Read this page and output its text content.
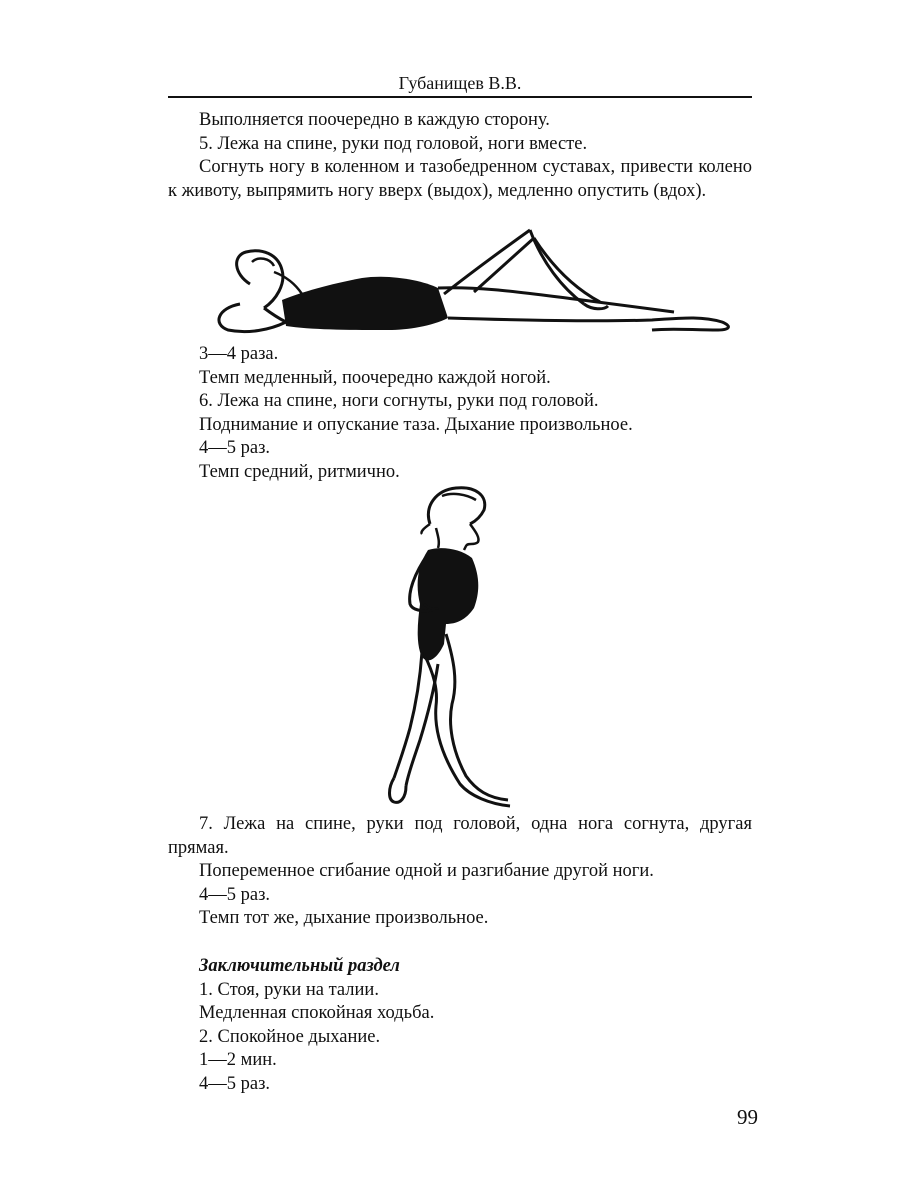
Губанищев В.В.

Выполняется поочередно в каждую сторону.

5. Лежа на спине, руки под головой, ноги вместе.

Согнуть ногу в коленном и тазобедренном суставах, привести колено к животу, выпрямить ногу вверх (выдох), медленно опустить (вдох).

3—4 раза.

Темп медленный, поочередно каждой ногой.

6. Лежа на спине, ноги согнуты, руки под головой.

Поднимание и опускание таза. Дыхание произвольное.

4—5 раз.

Темп средний, ритмично.

7. Лежа на спине, руки под головой, одна нога согнута, другая прямая.

Попеременное сгибание одной и разгибание другой ноги.

4—5 раз.

Темп тот же, дыхание произвольное.

Заключительный раздел

1. Стоя, руки на талии.

Медленная спокойная ходьба.

2. Спокойное дыхание.

1—2 мин.

4—5 раз.

99
